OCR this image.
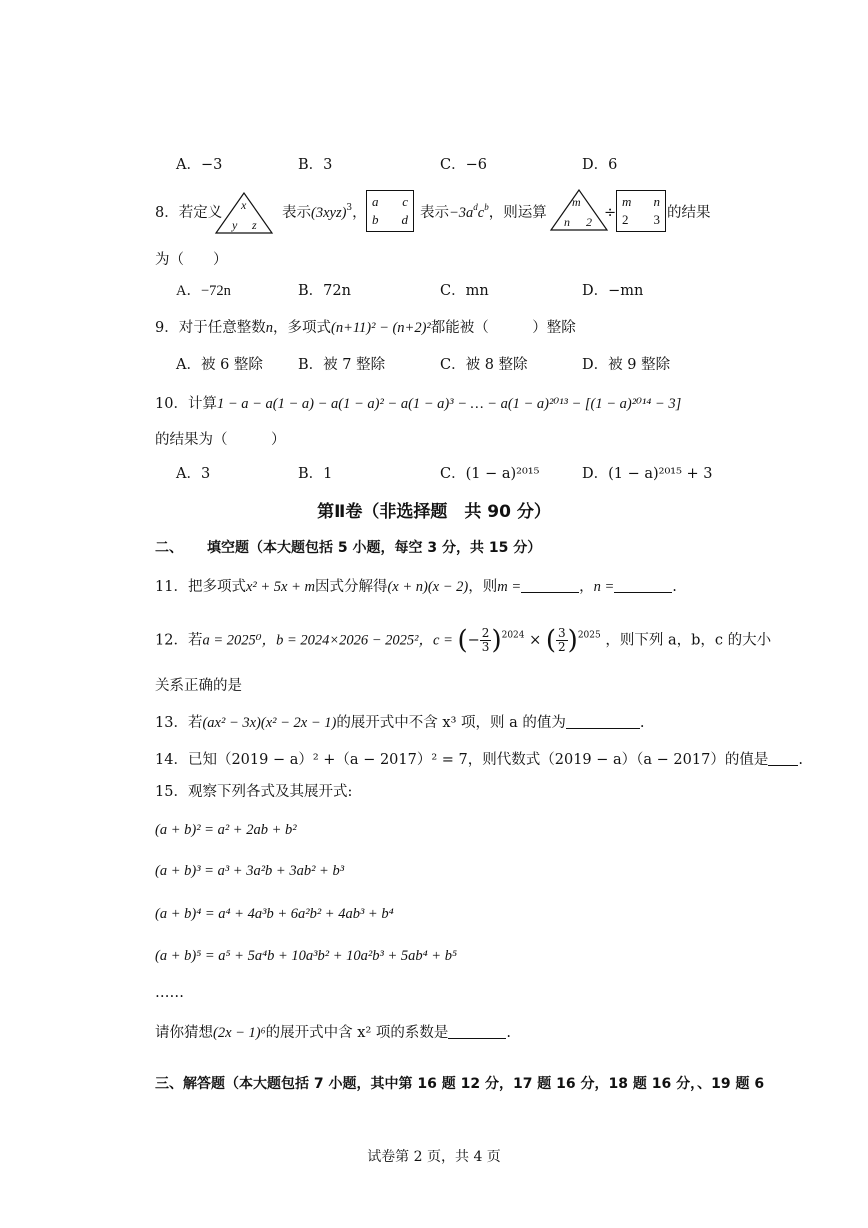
A．−3	B．3	C．−6	D．6
8．若定义 x
y z
表示$(3xyz)^3$，
a c
b d 表示$-3a^dc^b$，则运算
m
n 2
÷
m n
2 3 的结果
为（　　）
A．−72n	B．72n	C．mn	D．−mn
9．对于任意整数n，多项式(n+11)² − (n+2)²都能被（　　　）整除
A．被 6 整除 B．被 7 整除	C．被 8 整除	D．被 9 整除
10．计算1 − a − a(1 − a) − a(1 − a)² − a(1 − a)³ − … − a(1 − a)²⁰¹³ − [(1 − a)²⁰¹⁴ − 3]
的结果为（　　　）
A．3	B．1	C．(1 − a)²⁰¹⁵	D．(1 − a)²⁰¹⁵ + 3
第Ⅱ卷（非选择题　共 90 分）
二、 填空题（本大题包括 5 小题，每空 3 分，共 15 分）
11．把多项式x² + 5x + m因式分解得(x + n)(x − 2)，则m =	，n =	.
12．若a = 2025⁰，b = 2024×2026 − 2025²，c = (− $\frac{2}{3} )^{2024}$ × ( $\frac{3}{2} )^{2025}$ ，则下列 a，b，c 的大小
关系正确的是
13．若(ax² − 3x)(x² − 2x − 1)的展开式中不含 x³ 项，则 a 的值为	.
14．已知（2019 − a）² +（a − 2017）² = 7，则代数式（2019 − a）（a − 2017）的值是 .
15．观察下列各式及其展开式:
(a + b)² = a² + 2ab + b²
(a + b)³ = a³ + 3a²b + 3ab² + b³
(a + b)⁴ = a⁴ + 4a³b + 6a²b² + 4ab³ + b⁴
(a + b)⁵ = a⁵ + 5a⁴b + 10a³b² + 10a²b³ + 5ab⁴ + b⁵
……
请你猜想(2x − 1)⁶的展开式中含 x² 项的系数是	.
三、解答题（本大题包括 7 小题，其中第 16 题 12 分，17 题 16 分，18 题 16 分，、19 题 6
试卷第 2 页，共 4 页
